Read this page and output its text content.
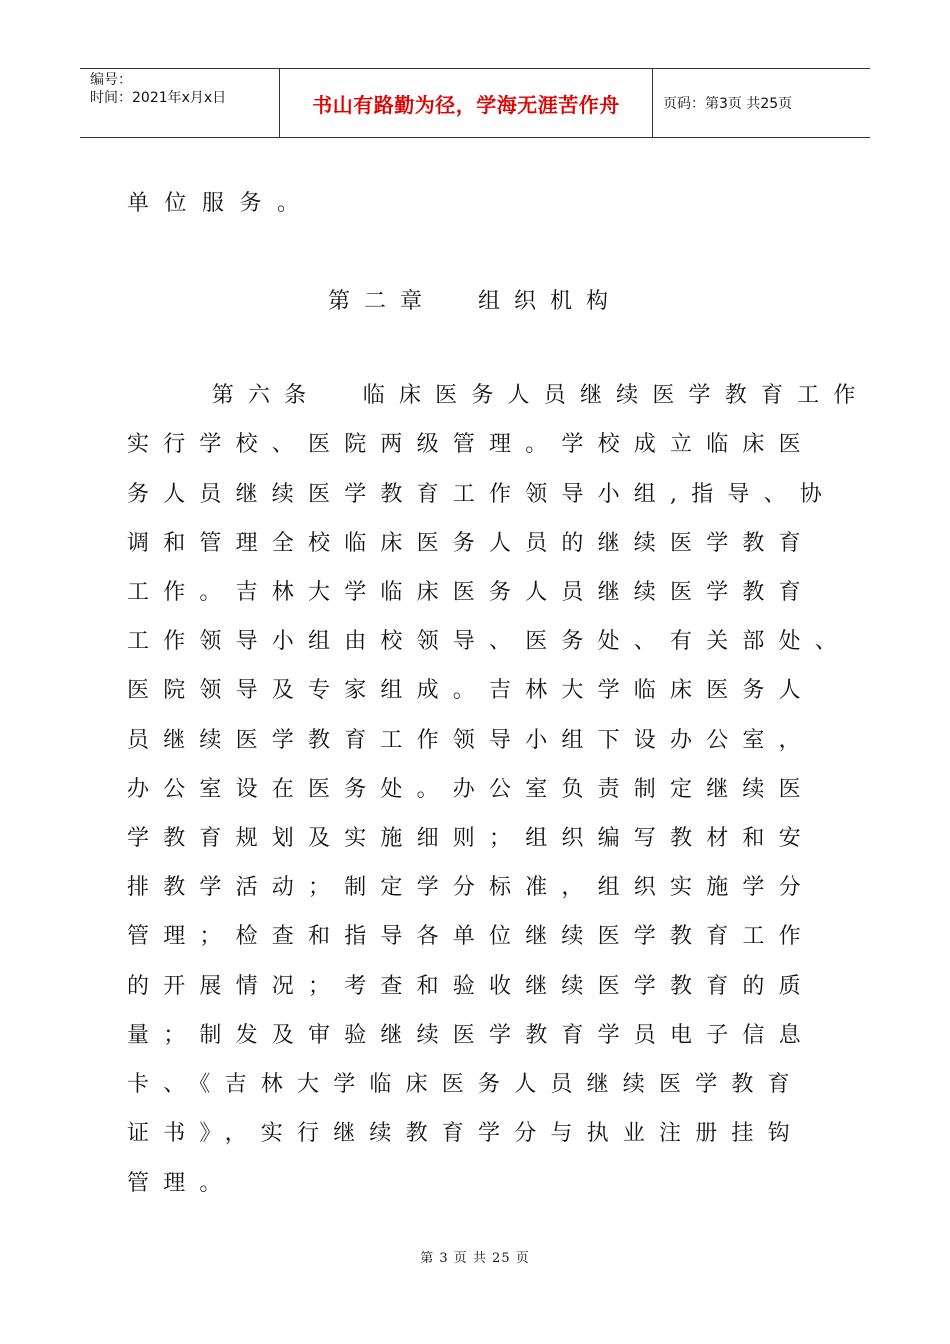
编号：
时间：2021年x月x日	书山有路勤为径，学海无涯苦作舟	页码：第3页 共25页
单位服务。
第二章  组织机构
第六条  临床医务人员继续医学教育工作
实行学校、医院两级管理。学校成立临床医
务人员继续医学教育工作领导小组,指导、协
调和管理全校临床医务人员的继续医学教育
工作。吉林大学临床医务人员继续医学教育
工作领导小组由校领导、医务处、有关部处、
医院领导及专家组成。吉林大学临床医务人
员继续医学教育工作领导小组下设办公室，
办公室设在医务处。办公室负责制定继续医
学教育规划及实施细则；组织编写教材和安
排教学活动；制定学分标准，组织实施学分
管理；检查和指导各单位继续医学教育工作
的开展情况；考查和验收继续医学教育的质
量；制发及审验继续医学教育学员电子信息
卡、《吉林大学临床医务人员继续医学教育
证书》，实行继续教育学分与执业注册挂钩
管理。
第 3 页 共 25 页
